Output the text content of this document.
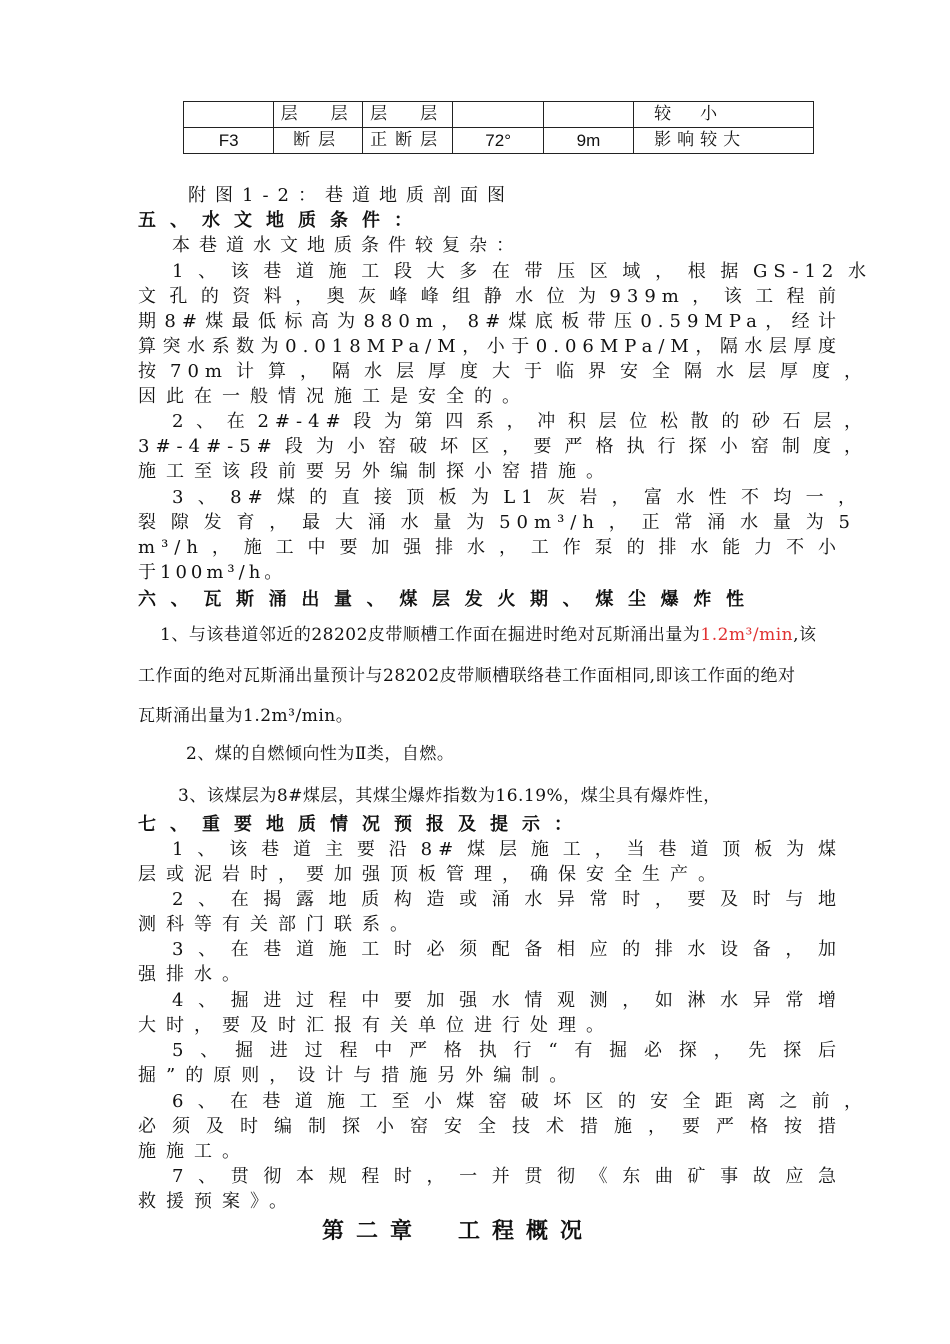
	层　层	层　层			较　小

F3	断层	正断层	72°	9m	影响较大
附图1-2：巷道地质剖面图
五、水文地质条件：
本巷道水文地质条件较复杂：
1、该巷道施工段大多在带压区域，根据GS-12水
文孔的资料，奥灰峰峰组静水位为939m，该工程前
期8#煤最低标高为880m，8#煤底板带压0.59MPa，经计
算突水系数为0.018MPa/M，小于0.06MPa/M，隔水层厚度
按70m计算，隔水层厚度大于临界安全隔水层厚度，
因此在一般情况施工是安全的。
2、在2#-4#段为第四系，冲积层位松散的砂石层，
3#-4#-5#段为小窑破坏区，要严格执行探小窑制度，
施工至该段前要另外编制探小窑措施。
3、8#煤的直接顶板为L1灰岩，富水性不均一，
裂隙发育，最大涌水量为50m³/h，正常涌水量为5
m³/h，施工中要加强排水，工作泵的排水能力不小
于100m³/h。
六、瓦斯涌出量、煤层发火期、煤尘爆炸性
1、与该巷道邻近的28202皮带顺槽工作面在掘进时绝对瓦斯涌出量为1.2m³/min,该
工作面的绝对瓦斯涌出量预计与28202皮带顺槽联络巷工作面相同,即该工作面的绝对
瓦斯涌出量为1.2m³/min。
2、煤的自燃倾向性为Ⅱ类，自燃。
3、该煤层为8#煤层，其煤尘爆炸指数为16.19%，煤尘具有爆炸性，
七、重要地质情况预报及提示：
1、该巷道主要沿8#煤层施工，当巷道顶板为煤
层或泥岩时，要加强顶板管理，确保安全生产。
2、在揭露地质构造或涌水异常时，要及时与地
测科等有关部门联系。
3、在巷道施工时必须配备相应的排水设备，加
强排水。
4、掘进过程中要加强水情观测，如淋水异常增
大时，要及时汇报有关单位进行处理。
5、掘进过程中严格执行“有掘必探，先探后
掘”的原则，设计与措施另外编制。
6、在巷道施工至小煤窑破坏区的安全距离之前，
必须及时编制探小窑安全技术措施，要严格按措
施施工。
7、贯彻本规程时，一并贯彻《东曲矿事故应急
救援预案》。
第二章　工程概况
